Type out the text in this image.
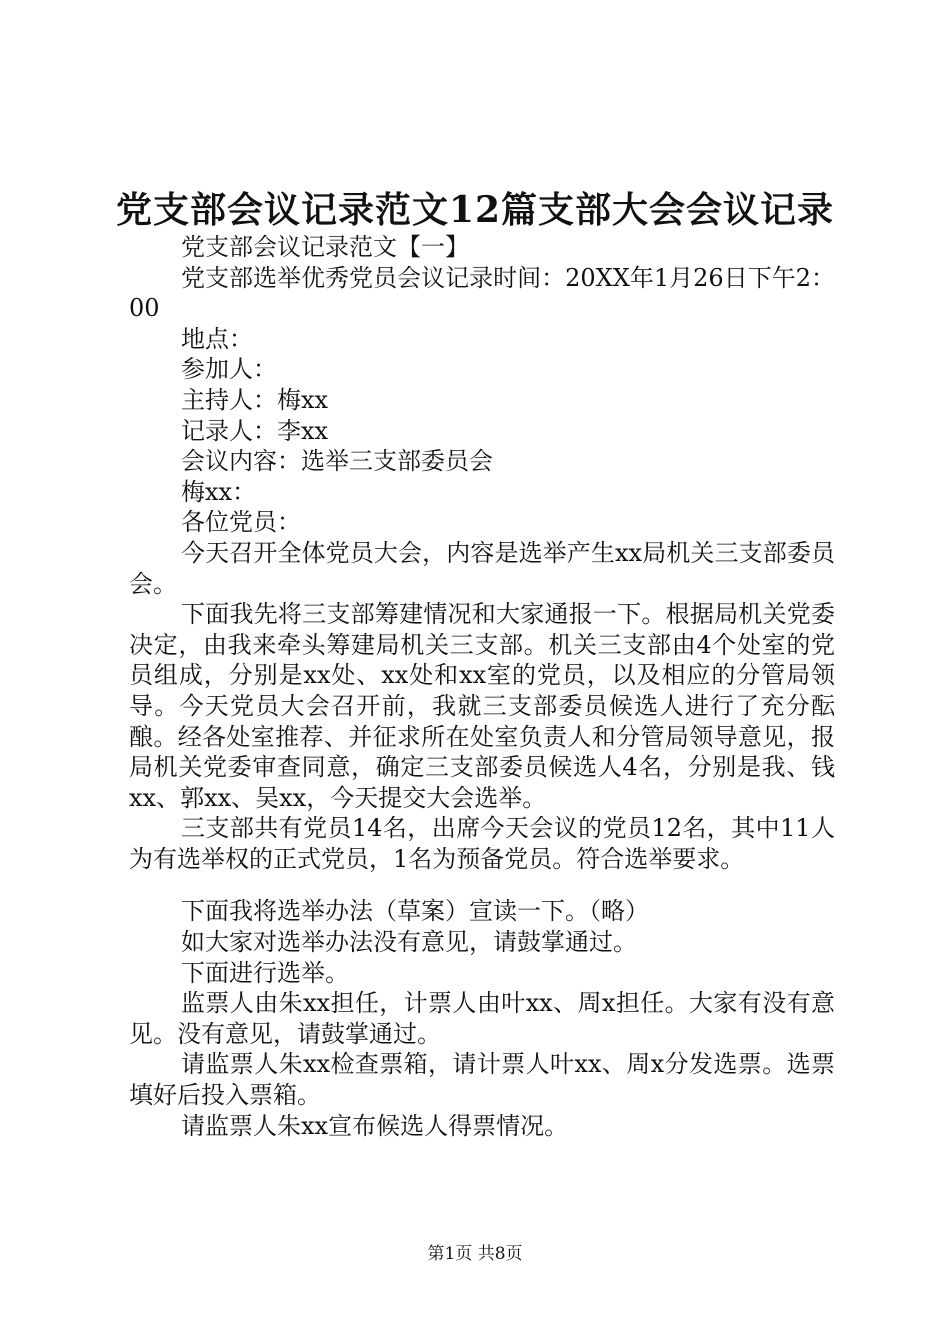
党支部会议记录范文12篇支部大会会议记录

党支部会议记录范文【一】

党支部选举优秀党员会议记录时间：20XX年1月26日下午2：00

地点：

参加人：

主持人：梅xx

记录人：李xx

会议内容：选举三支部委员会

梅xx：

各位党员：

今天召开全体党员大会，内容是选举产生xx局机关三支部委员会。

下面我先将三支部筹建情况和大家通报一下。根据局机关党委决定，由我来牵头筹建局机关三支部。机关三支部由4个处室的党员组成，分别是xx处、xx处和xx室的党员，以及相应的分管局领导。今天党员大会召开前，我就三支部委员候选人进行了充分酝酿。经各处室推荐、并征求所在处室负责人和分管局领导意见，报局机关党委审查同意，确定三支部委员候选人4名，分别是我、钱xx、郭xx、吴xx，今天提交大会选举。

三支部共有党员14名，出席今天会议的党员12名，其中11人为有选举权的正式党员，1名为预备党员。符合选举要求。

下面我将选举办法（草案）宣读一下。（略）

如大家对选举办法没有意见，请鼓掌通过。

下面进行选举。

监票人由朱xx担任，计票人由叶xx、周x担任。大家有没有意见。没有意见，请鼓掌通过。

请监票人朱xx检查票箱，请计票人叶xx、周x分发选票。选票填好后投入票箱。

请监票人朱xx宣布候选人得票情况。

第1页 共8页
